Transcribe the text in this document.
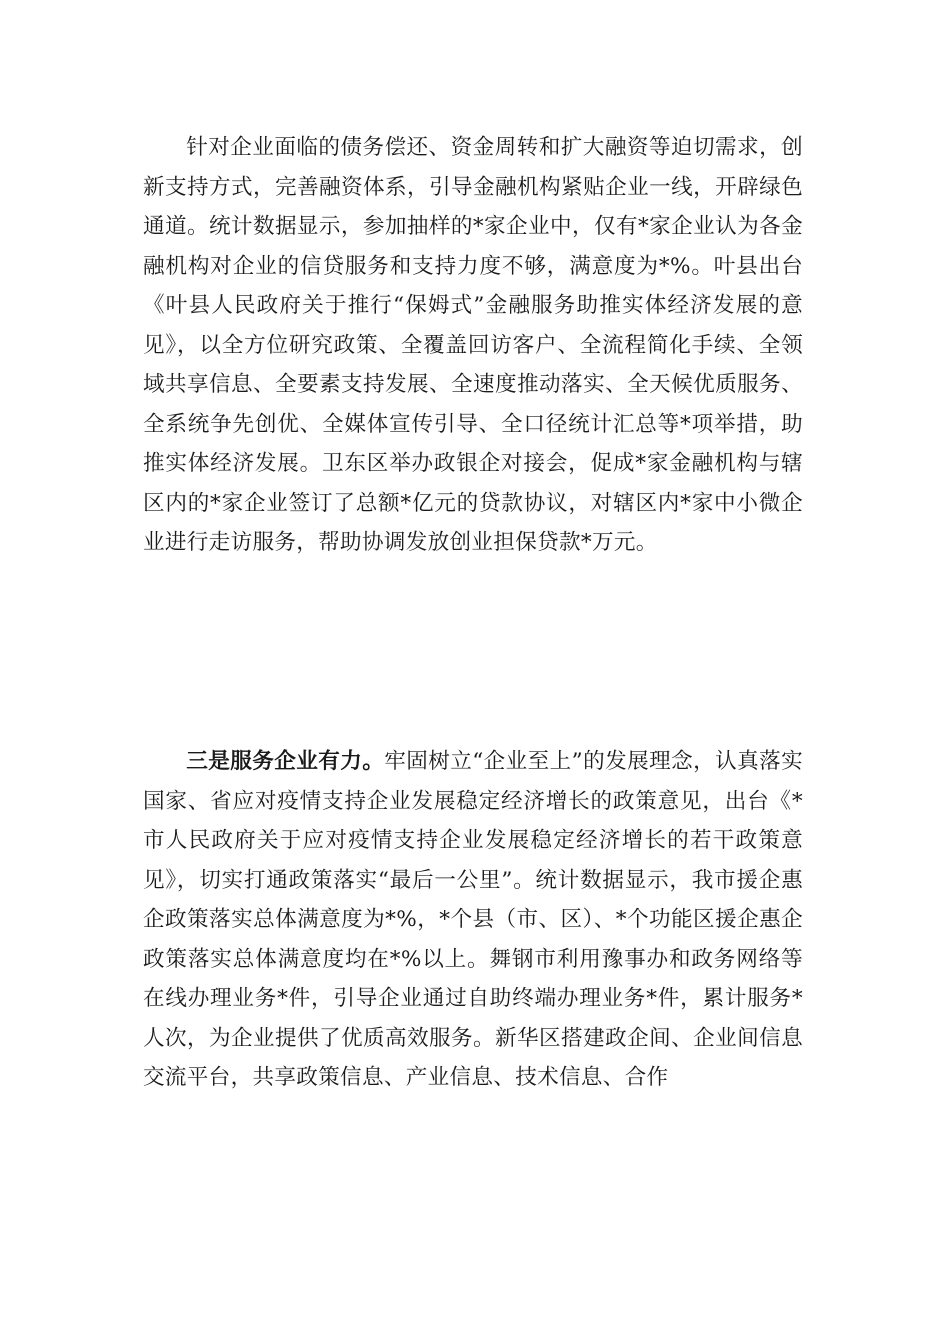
针对企业面临的债务偿还、资金周转和扩大融资等迫切需求，创新支持方式，完善融资体系，引导金融机构紧贴企业一线，开辟绿色通道。统计数据显示，参加抽样的*家企业中，仅有*家企业认为各金融机构对企业的信贷服务和支持力度不够，满意度为*%。叶县出台《叶县人民政府关于推行“保姆式”金融服务助推实体经济发展的意见》，以全方位研究政策、全覆盖回访客户、全流程简化手续、全领域共享信息、全要素支持发展、全速度推动落实、全天候优质服务、全系统争先创优、全媒体宣传引导、全口径统计汇总等*项举措，助推实体经济发展。卫东区举办政银企对接会，促成*家金融机构与辖区内的*家企业签订了总额*亿元的贷款协议，对辖区内*家中小微企业进行走访服务，帮助协调发放创业担保贷款*万元。

三是服务企业有力。牢固树立“企业至上”的发展理念，认真落实国家、省应对疫情支持企业发展稳定经济增长的政策意见，出台《*市人民政府关于应对疫情支持企业发展稳定经济增长的若干政策意见》，切实打通政策落实“最后一公里”。统计数据显示，我市援企惠企政策落实总体满意度为*%，*个县（市、区）、*个功能区援企惠企政策落实总体满意度均在*%以上。舞钢市利用豫事办和政务网络等在线办理业务*件，引导企业通过自助终端办理业务*件，累计服务*人次，为企业提供了优质高效服务。新华区搭建政企间、企业间信息交流平台，共享政策信息、产业信息、技术信息、合作
